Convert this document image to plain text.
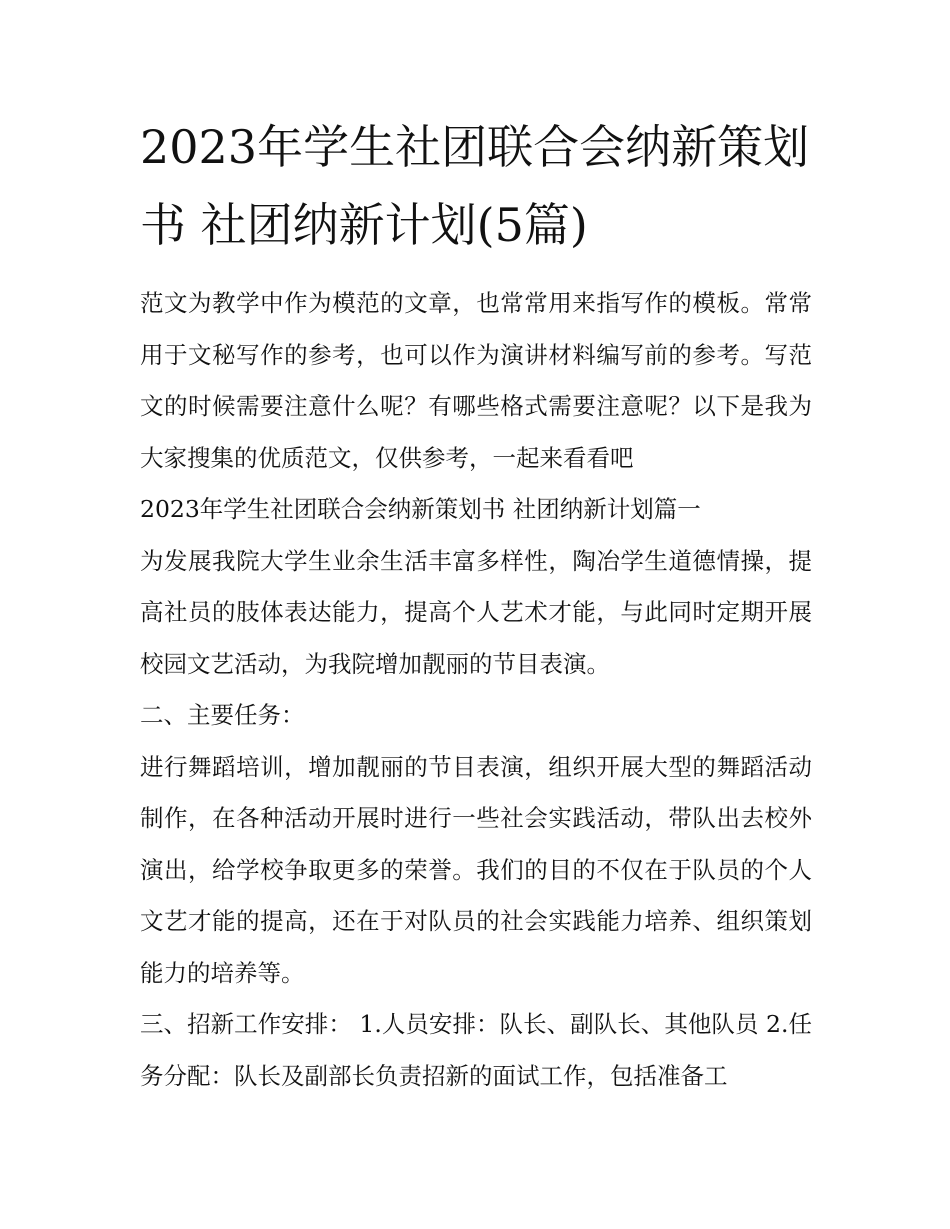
2023年学生社团联合会纳新策划书 社团纳新计划(5篇)

范文为教学中作为模范的文章，也常常用来指写作的模板。常常用于文秘写作的参考，也可以作为演讲材料编写前的参考。写范文的时候需要注意什么呢？有哪些格式需要注意呢？以下是我为大家搜集的优质范文，仅供参考，一起来看看吧

2023年学生社团联合会纳新策划书 社团纳新计划篇一

为发展我院大学生业余生活丰富多样性，陶冶学生道德情操，提高社员的肢体表达能力，提高个人艺术才能，与此同时定期开展校园文艺活动，为我院增加靓丽的节目表演。

二、主要任务：

进行舞蹈培训，增加靓丽的节目表演，组织开展大型的舞蹈活动制作，在各种活动开展时进行一些社会实践活动，带队出去校外演出，给学校争取更多的荣誉。我们的目的不仅在于队员的个人文艺才能的提高，还在于对队员的社会实践能力培养、组织策划能力的培养等。

三、招新工作安排： 1.人员安排：队长、副队长、其他队员 2.任务分配：队长及副部长负责招新的面试工作，包括准备工
